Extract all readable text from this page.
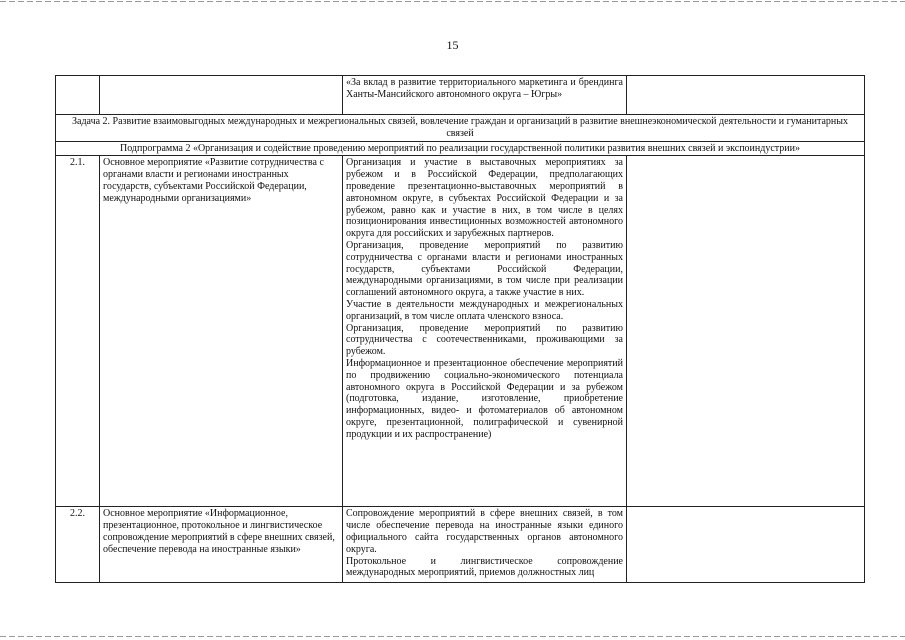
15

		«За вклад в развитие территориального маркетинга и брендинга Ханты-Мансийского автономного округа – Югры»	

Задача 2. Развитие взаимовыгодных международных и межрегиональных связей, вовлечение граждан и организаций в развитие внешнеэкономической деятельности и гуманитарных связей			
Подпрограмма 2 «Организация и содействие проведению мероприятий по реализации государственной политики развития внешних связей и экспоиндустрии»			
2.1.	Основное мероприятие «Развитие сотрудничества с органами власти и регионами иностранных государств, субъектами Российской Федерации, международными организациями»	Организация и участие в выставочных мероприятиях за рубежом и в Российской Федерации, предполагающих проведение презентационно-выставочных мероприятий в автономном округе, в субъектах Российской Федерации и за рубежом, равно как и участие в них, в том числе в целях позиционирования инвестиционных возможностей автономного округа для российских и зарубежных партнеров.

Организация, проведение мероприятий по развитию сотрудничества с органами власти и регионами иностранных государств, субъектами Российской Федерации, международными организациями, в том числе при реализации соглашений автономного округа, а также участие в них.

Участие в деятельности международных и межрегиональных организаций, в том числе оплата членского взноса.

Организация, проведение мероприятий по развитию сотрудничества с соотечественниками, проживающими за рубежом.

Информационное и презентационное обеспечение мероприятий по продвижению социально-экономического потенциала автономного округа в Российской Федерации и за рубежом (подготовка, издание, изготовление, приобретение информационных, видео- и фотоматериалов об автономном округе, презентационной, полиграфической и сувенирной продукции и их распространение)	

2.2.	Основное мероприятие «Информационное, презентационное, протокольное и лингвистическое сопровождение мероприятий в сфере внешних связей, обеспечение перевода на иностранные языки»	Сопровождение мероприятий в сфере внешних связей, в том числе обеспечение перевода на иностранные языки единого официального сайта государственных органов автономного округа.

Протокольное и лингвистическое сопровождение международных мероприятий, приемов должностных лиц	
